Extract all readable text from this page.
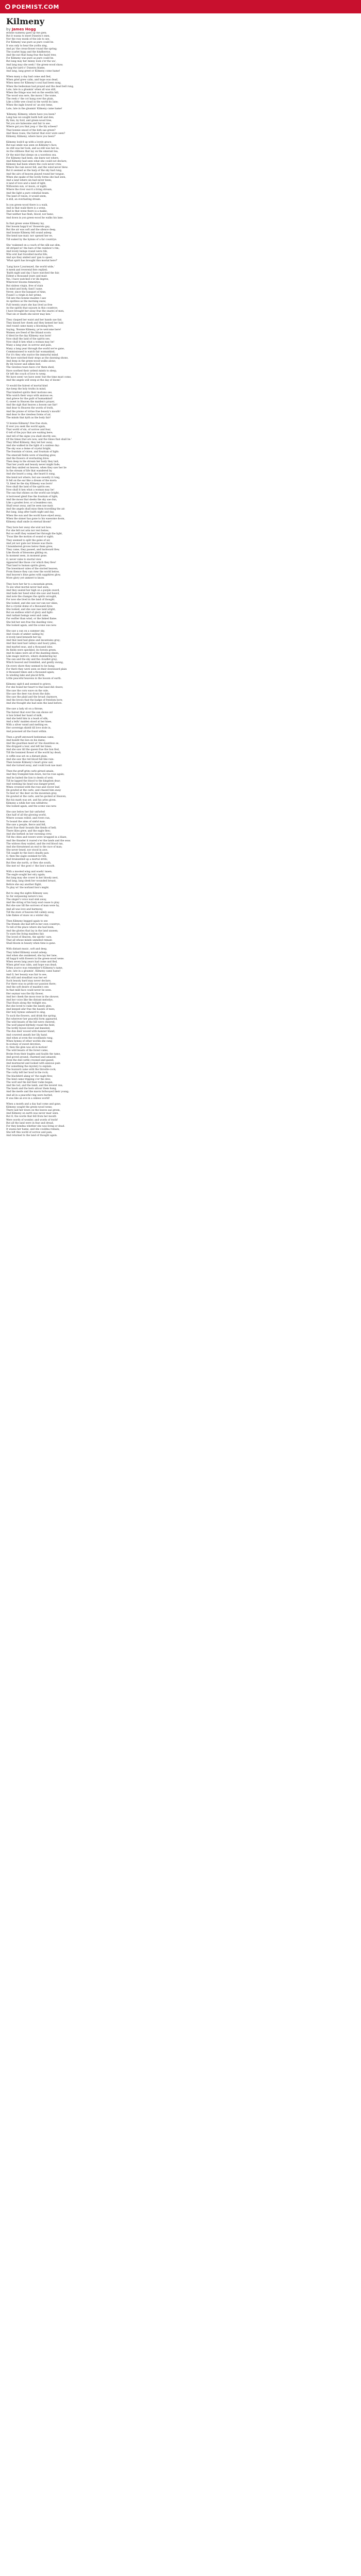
POEMIST.COM
Kilmeny
by James Hogg

Bonnie Kilmeny gaed up the glen;
But it wasna to meet Duneira's men,
Nor the rosy monk of the isle to see,
For Kilmeny was pure as pure could be.
It was only to hear the yorlin sing,
And pu' the cress-flower round the spring;
The scarlet hypp and the hindberrye,
And the nut that hung frae the hazel tree;
For Kilmeny was pure as pure could be.
But lang may her minny look o'er the wa',
And lang may she seek i' the green-wood shaw;
Lang the laird o' Duneira blame,
And lang, lang greet or Kilmeny come hame!

When many a day had come and fled,
When grief grew calm, and hope was dead,
When mess for Kilmeny's soul had been sung,
When the bedesman had prayed and the dead bell rung,
Late, late in a gloamin' when all was still,
When the fringe was red on the westlin hill,
The wood was sere, the moon i' the wane,
The reek o' the cot hung over the plain,
Like a little wee cloud in the world its lane;
When the ingle lowed wi' an eiry leme,
Late, late in the gloamin' Kilmeny came hame!

'Kilmeny, Kilmeny, where have you been?
Lang hae we sought baith holt and den;
By linn, by ford, and green-wood tree,
Yet you are halesome and fair to see.
Where gat you that joup o' the lily scheen?
That bonnie snood of the birk sae green?
And these roses, the fairest that ever were seen?
Kilmeny, Kilmeny, where have you been?'

Kilmeny look'd up with a lovely grace,
But nae smile was seen on Kilmeny's face;
As still was her look, and as still was her ee,
As the stillness that lay on the emerant lea,
Or the mist that sleeps on a waveless sea.
For Kilmeny had been, she knew not where,
And Kilmeny had seen what she could not declare;
Kilmeny had been where the cock never crew,
Where the rain never fell, and the wind never blew.
But it seemed as the harp of the sky had rung,
And the airs of heaven played round her tongue,
When she spake of the lovely forms she had seen,
And a land where sin had never been;
A land of love and a land of light,
Withouten sun, or moon, or night;
Where the river swa'd a living stream,
And the light a pure celestial beam:
The land of vision, it would seem,
A still, an everlasting dream.

In yon green-wood there is a waik,
And in that waik there is a wene,
And in that wene there is a maike,
That neither has flesh, blood, nor bane;
And down in yon green-wood he walks his lane.

In that green wene Kilmeny lay,
Her bosom happ'd wi' flowerets gay;
But the air was soft and the silence deep,
And bonnie Kilmeny fell sound asleep.
She kend nae mair, nor opened her ee,
Till waked by the hymns of a far countrye.

She 'wakened on a couch of the silk sae slim,
All striped wi' the bars of the rainbow's rim;
And lovely beings round were rife,
Who erst had travelled mortal life;
And aye they smiled and 'gan to speer,
'What spirit has brought this mortal here?'

'Lang have I journeyed, the world wide,'
A meek and reverend fere replied;
'Baith night and day I have watched the fair,
Eident a thousand years and mair.
Yes, I have watched o'er ilk degree,
Wherever blooms femenitye;
But sinless virgin, free of stain
In mind and body, fand I nane.
Never, since the banquet of time,
Found I a virgin in her prime,
Till late this bonnie maiden I saw
As spotless as the morning snaw;
Full twenty years she has lived as free
As the spirits that sojourn in this countrye:
I have brought her away frae the snares of men,
That sin or death she never may ken.'

They clasped her waist and her hands sae fair,
They kissed her cheek and they kemed her hair,
And round came many a blooming fere,
Saying, 'Bonnie Kilmeny, ye're welcome here!
Women are freed of the littand scorn:
O blest be the day Kilmeny was born!
Now shall the land of the spirits see,
Now shall it ken what a woman may be!
Many a lang year, in sorrow and pain,
Many a lang year through the world we've gane,
Commissioned to watch fair womankind,
For it's they who nurice the immortal mind.
We have watched their steps as the dawning shone,
And deep in the green-wood walks alone;
By lily bower and silken bed,
The viewless tears have o'er them shed;
Have soothed their ardent minds to sleep,
Or left the couch of love to weep.
We have seen! we have seen! but the time must come,
And the angels will weep at the day of doom!

'O would the fairest of mortal kind
Aye keep the holy truths in mind,
That kindred spirits their motions see,
Who watch their ways with anxious ee,
And grieve for the guilt of humankind!
O, sweet to Heaven the maiden's prayer,
And the sigh that heaves a bosom sae fair!
And dear to Heaven the words of truth,
And the praise of virtue frae beauty's mouth!
And dear to the viewless forms of air,
The minds that kyth as the body fair!

'O bonnie Kilmeny! free frae stain,
If ever you seek the world again,
That world of sin, of sorrow and fear,
O tell of the joys that are waiting here;
And tell of the signs you shall shortly see;
Of the times that are now, and the times that shall be.'
They lifted Kilmeny, they led her away,
And she walked in the light of a sunless day:
The sky was a dome of crystal bright,
The fountain of vision, and fountain of light:
The emerald fields were of dazzling glow,
And the flowers of everlasting blow.
Then deep in the stream her body they laid,
That her youth and beauty never might fade;
And they smiled on heaven, when they saw her lie
In the stream of life that wandered by.
And she heard a song, she heard it sung,
She kend not where; but sae sweetly it rung,
It fell on the ear like a dream of the morn:
'O, blest be the day Kilmeny was born!
Now shall the land of the spirits see,
Now shall it ken what a woman may be!
The sun that shines on the world sae bright,
A borrowed gleid frae the fountain of light;
And the moon that sleeks the sky sae dun,
Like a gouden bow, or a beamless sun,
Shall wear away, and be seen nae mair,
And the angels shall miss them travelling the air.
But lang, lang after baith night and day,
When the sun and the world have elyed away;
When the sinner has gone to his waesome doom,
Kilmeny shall smile in eternal bloom!'

They bore her away she wist not how,
For she felt not arm nor rest below;
But so swift they wained her through the light,
'Twas like the motion of sound or sight;
They seemed to split the gales of air,
And yet nor gale nor breeze was there.
Unnumbered groves below them grew,
They came, they passed, and backward flew,
Like floods of blossoms gliding on,
In moment seen, in moment gone.
O, never vales to mortal view
Appeared like those o'er which they flew!
That land to human spirits given,
The lowermost vales of the storied heaven;
From thence they can view the world below,
And heaven's blue gates with sapphires glow,
More glory yet unmeet to know.

They bore her far to a mountain green,
To see what mortal never had seen;
And they seated her high on a purple sward,
And bade her heed what she saw and heard,
And note the changes the spirits wrought,
For now she lived in the land of thought.
She looked, and she saw nor sun nor skies,
But a crystal dome of a thousand dyes:
She looked, and she saw nae land aright,
But an endless whirl of glory and light:
And radiant beings went and came,
Far swifter than wind, or the linked flame.
She hid her een frae the dazzling view;
She looked again, and the scene was new.

She saw a sun on a summer sky,
And clouds of amber sailing by;
A lovely land beneath her lay,
And that land had glens and mountains gray;
And that land had valleys and hoary piles,
And marled seas, and a thousand isles.
Its fields were speckled, its forests green,
And its lakes were all of the dazzling sheen,
Like magic mirrors, where slumbering lay
The sun and the sky and the cloudlet gray;
Which heaved and trembled, and gently swung,
On every shore they seemed to be hung;
For there they were seen on their downward plain
A thousand times and a thousand again;
In winding lake and placid firth,
Little peaceful heavens in the bosom of earth.

Kilmeny sigh'd and seemed to grieve,
For she found her heart to that land did cleave;
She saw the corn wave on the vale,
She saw the deer run down the dale;
She saw the plaid and the broad claymore,
And the brows that the badge of freedom bore;
And she thought she had seen the land before.

She saw a lady sit on a throne,
The fairest that ever the sun shone on!
A lion licked her hand of milk,
And she held him in a leash of silk;
And a leifu' maiden stood at her knee,
With a silver wand and melting ee;
Her sovereign shield till love stole in,
And poisoned all the fount within.

Then a gruff untoward bedesman came,
And hundit the lion on his dame;
And the guardian maid wi' the dauntless ee,
She dropped a tear, and left her knee;
And she saw till the queen frae the lion fled,
Till the bonniest flower of the world lay dead;
A coffin was set on a distant plain,
And she saw the red blood fall like rain:
Then bonnie Kilmeny's heart grew sair,
And she turned away, and could look nae mair.

Then the gruff grim carle girned amain,
And they trampled him down, but he rose again;
And he baited the lion to deeds of weir,
Till he lapped the blood to the kingdom dear;
And weening his head was danger-preef,
When crowned with the rose and clover leaf,
He gowled at the carle, and chased him away
To feed wi' the deer on the mountain gray.
He gowled at the carle, and he gecked at Heaven,
But his mark was set, and his arles given.
Kilmeny a while her een withdrew;
She looked again, and the scene was new.

She saw below her fair unfurled
One half of all the glowing world,
Where oceans rolled, and rivers ran,
To bound the aims of sinful man.
She saw a people, fierce and fell,
Burst frae their bounds like fiends of hell;
There lilies grew, and the eagle flew;
And she herked on her ravening crew,
Till the cities and towers were wrapped in a blaze,
And the thunder it roared o'er the lands and the seas.
The widows they wailed, and the red blood ran,
And she threatened an end to the race of man;
She never lened, nor stood in awe,
Till caught by the lion's deadly paw.
O, then the eagle swinked for life,
And brainzelled up a mortal strife;
But flew she north, or flew she south,
She met wi' the gowl o' the lion's mouth.

With a mooted wing and waefu' maen,
The eagle sought her eiry again;
But lang may she cower in her bloody nest,
And lang, lang sleek her wounded breast,
Before she sey another flight,
To play wi' the norland lion's might.

But to sing the sights Kilmeny saw,
So far surpassing nature's law,
The singer's voice wad sink away,
And the string of his harp wad cease to play.
But she saw till the sorrows of man were by,
And all was love and harmony;
Till the stars of heaven fell calmly away,
Like flakes of snaw on a winter day.

Then Kilmeny begged again to see
The friends she had left in her own countrye,
To tell of the place where she had been,
And the glories that lay in the land unseen;
To warn the living maidens fair,
The loved of Heaven, the spirits' care,
That all whose minds unmeled remain
Shall bloom in beauty when time is gane.

With distant music, soft and deep,
They lulled Kilmeny sound asleep;
And when she awakened, she lay her lane,
All happ'd with flowers in the green-wood wene.
When seven lang years had come and fled,
When grief was calm, and hope was dead;
When scarce was remember'd Kilmeny's name,
Late, late in a gloamin', Kilmeny came hame!
And O, her beauty was fair to see,
But still and steadfast was her ee!
Such beauty bard may never declare,
For there was no pride nor passion there;
And the soft desire of maiden's een
In that mild face could never be seen.
Her seymar was the lily flower,
And her cheek the moss-rose in the shower;
And her voice like the distant melodye,
That floats along the twilight sea.
But she loved to raike the lanely glen,
And keeped afar frae the haunts of men;
Her holy hymns unheard to sing,
To suck the flowers, and drink the spring.
But wherever her peaceful form appeared,
The wild beasts of the hill were cheered;
The wolf played blythely round the field,
The lordly byson lowed and kneeled;
The dun deer wooed with manner bland,
And cowered aneath her lily hand.
And when at even the woodlands rung,
When hymns of other worlds she sung
In ecstasy of sweet devotion,
O, then the glen was all in motion!
The wild beasts of the forest came,
Broke from their bughts and faulds the tame,
And goved around, charmed and amazed;
Even the dull cattle crooned and gazed,
And murmured and looked with anxious pain
For something the mystery to explain.
The buzzard came with the throstle-cock;
The corby left her houf in the rock;
The blackbird alang wi' the eagle flew;
The hind came tripping o'er the dew;
The wolf and the kid their raike began,
And the tod, and the lamb, and the leveret ran;
The hawk and the hern attour them hung,
And the merle and the mavis forhooyed their young;
And all in a peaceful ring were hurled;
It was like an eve in a sinless world!

When a month and a day had come and gane,
Kilmeny sought the green-wood wene;
There laid her down on the leaves sae green,
And Kilmeny on earth was never mair seen.
But O, the words that fell from her mouth
Were words of wonder, and words of truth!
But all the land were in fear and dread,
For they kendna whether she was living or dead.
It wasna her hame, and she couldna remain;
She left this world of sorrow and pain,
And returned to the land of thought again.
